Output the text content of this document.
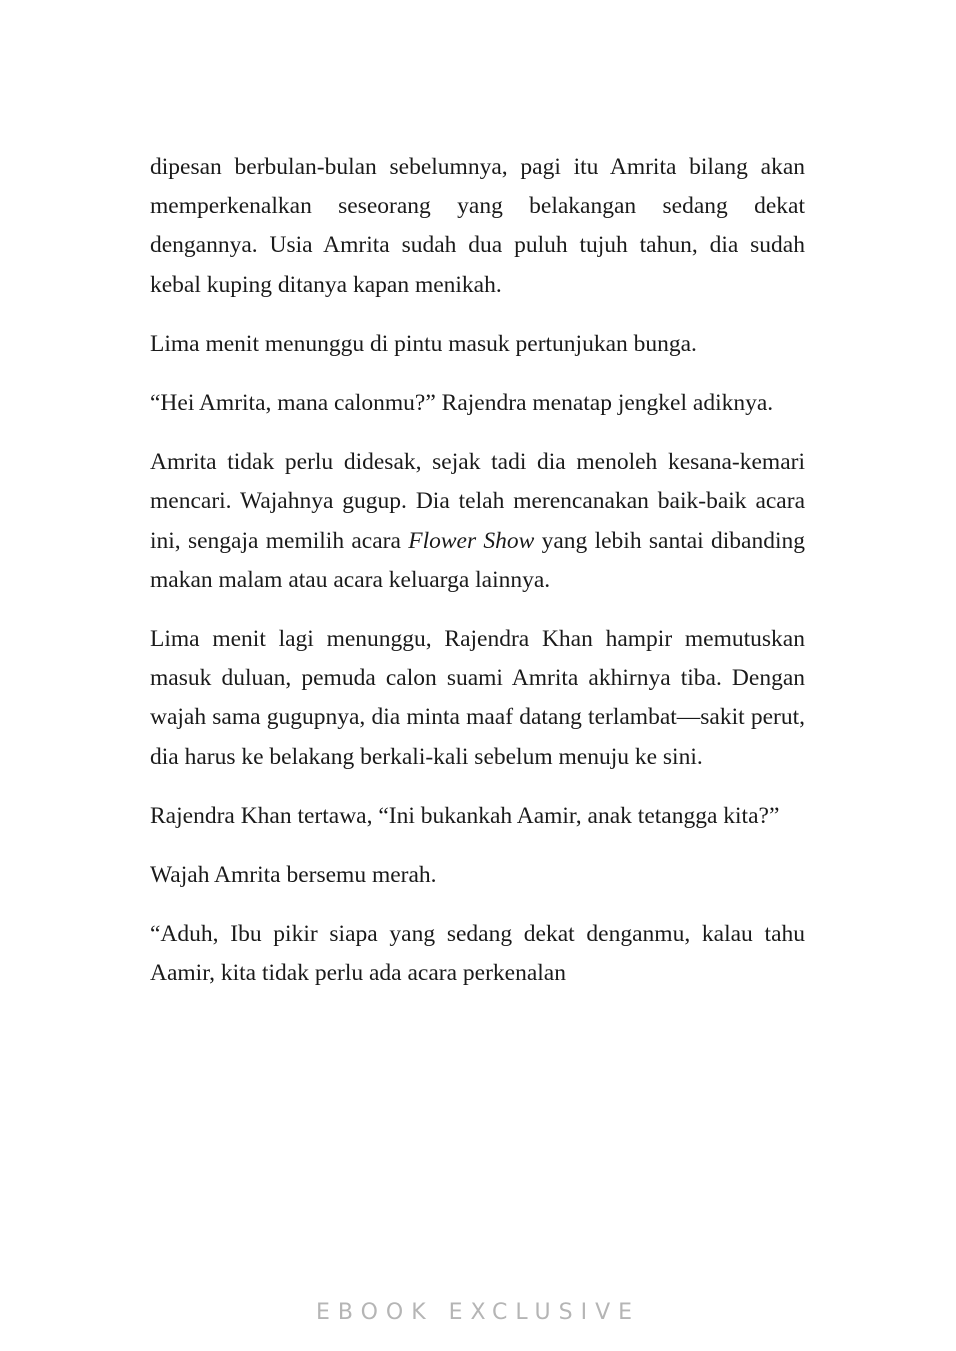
dipesan berbulan-bulan sebelumnya, pagi itu Amrita bilang akan memperkenalkan seseorang yang belakangan sedang dekat dengannya. Usia Amrita sudah dua puluh tujuh tahun, dia sudah kebal kuping ditanya kapan menikah.

Lima menit menunggu di pintu masuk pertunjukan bunga.

“Hei Amrita, mana calonmu?” Rajendra menatap jengkel adiknya.

Amrita tidak perlu didesak, sejak tadi dia menoleh kesana-kemari mencari. Wajahnya gugup. Dia telah merencanakan baik-baik acara ini, sengaja memilih acara Flower Show yang lebih santai dibanding makan malam atau acara keluarga lainnya.

Lima menit lagi menunggu, Rajendra Khan hampir memutuskan masuk duluan, pemuda calon suami Amrita akhirnya tiba. Dengan wajah sama gugupnya, dia minta maaf datang terlambat—sakit perut, dia harus ke belakang berkali-kali sebelum menuju ke sini.

Rajendra Khan tertawa, “Ini bukankah Aamir, anak tetangga kita?”

Wajah Amrita bersemu merah.

“Aduh, Ibu pikir siapa yang sedang dekat denganmu, kalau tahu Aamir, kita tidak perlu ada acara perkenalan

EBOOK EXCLUSIVE
